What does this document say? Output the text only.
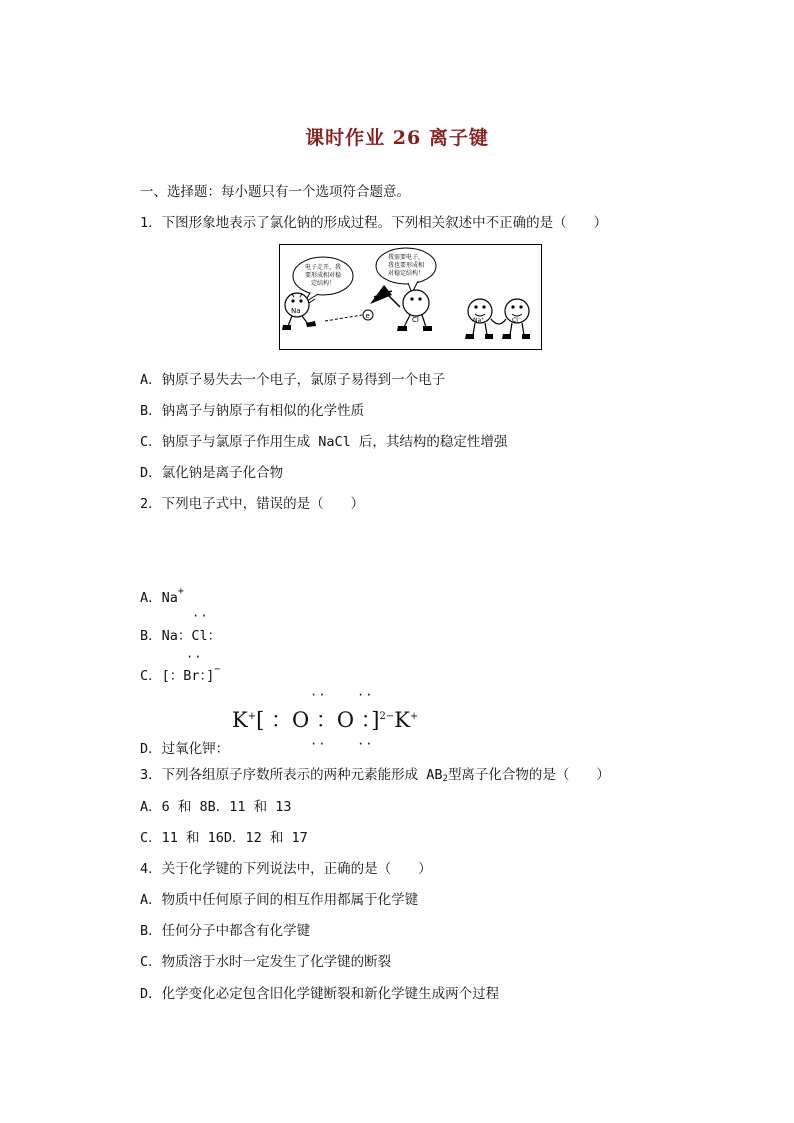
课时作业 26 离子键
一、选择题：每小题只有一个选项符合题意。
1．下图形象地表示了氯化钠的形成过程。下列相关叙述中不正确的是（　　）
电子走开，我
要形成相对稳
定结构！
我需要电子，
我也要形成相
对稳定结构！
Na
e	Cl	Na⁺	Cl⁻
A．钠原子易失去一个电子，氯原子易得到一个电子
B．钠离子与钠原子有相似的化学性质
C．钠原子与氯原子作用生成 NaCl 后，其结构的稳定性增强
D．氯化钠是离子化合物
2．下列电子式中，错误的是（　　）
A．Na+
··
B．Na：Cl：
··
C．[：Br：]−
··	··
K+[ ：O ：O ：]$^{2-}$K+
D．过氧化钾：	··	··
3．下列各组原子序数所表示的两种元素能形成 $AB_2$型离子化合物的是（　　）
A．6 和 8B．11 和 13
C．11 和 16D．12 和 17
4．关于化学键的下列说法中，正确的是（　　）
A．物质中任何原子间的相互作用都属于化学键
B．任何分子中都含有化学键
C．物质溶于水时一定发生了化学键的断裂
D．化学变化必定包含旧化学键断裂和新化学键生成两个过程
